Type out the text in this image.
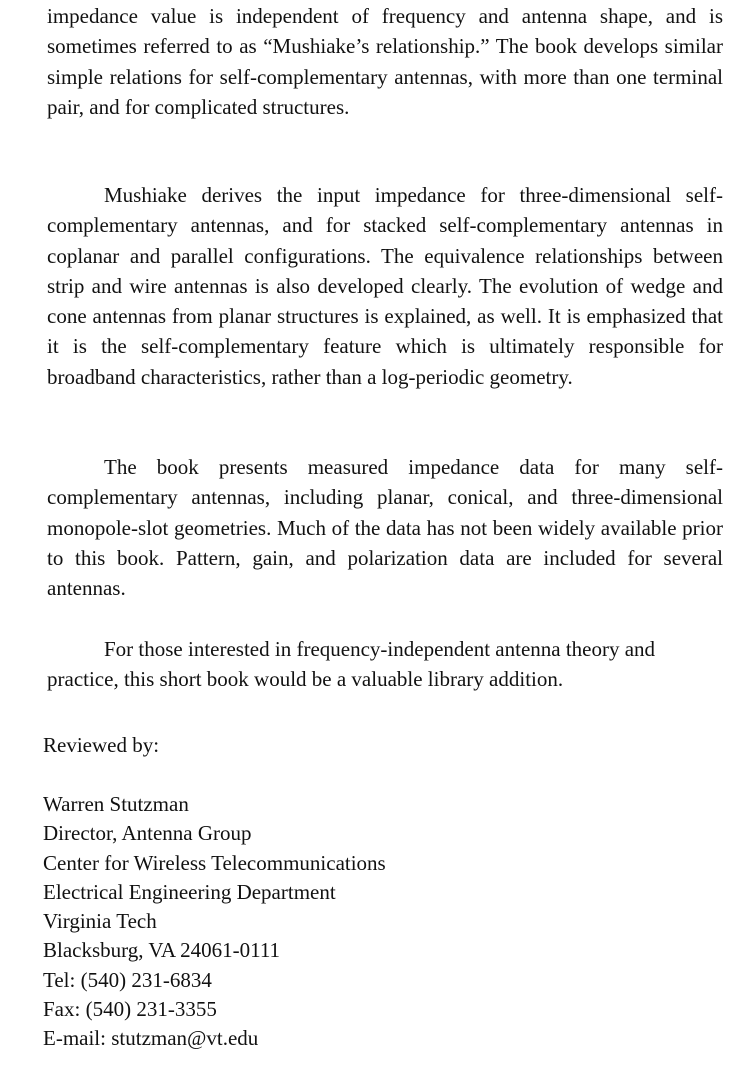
impedance value is independent of frequency and antenna shape, and is sometimes referred to as “Mushiake’s relationship.” The book develops similar simple relations for self-complementary antennas, with more than one terminal pair, and for complicated structures.

Mushiake derives the input impedance for three-dimensional self-complementary antennas, and for stacked self-complementary antennas in coplanar and parallel configurations. The equivalence relationships between strip and wire antennas is also developed clearly. The evolution of wedge and cone antennas from planar structures is explained, as well. It is emphasized that it is the self-complementary feature which is ultimately responsible for broadband characteristics, rather than a log-periodic geometry.

The book presents measured impedance data for many self-complementary antennas, including planar, conical, and three-dimensional monopole-slot geometries. Much of the data has not been widely available prior to this book. Pattern, gain, and polarization data are included for several antennas.

For those interested in frequency-independent antenna theory and practice, this short book would be a valuable library addition.

Reviewed by:

Warren Stutzman
Director, Antenna Group
Center for Wireless Telecommunications
Electrical Engineering Department
Virginia Tech
Blacksburg, VA 24061-0111
Tel: (540) 231-6834
Fax: (540) 231-3355
E-mail: stutzman@vt.edu
